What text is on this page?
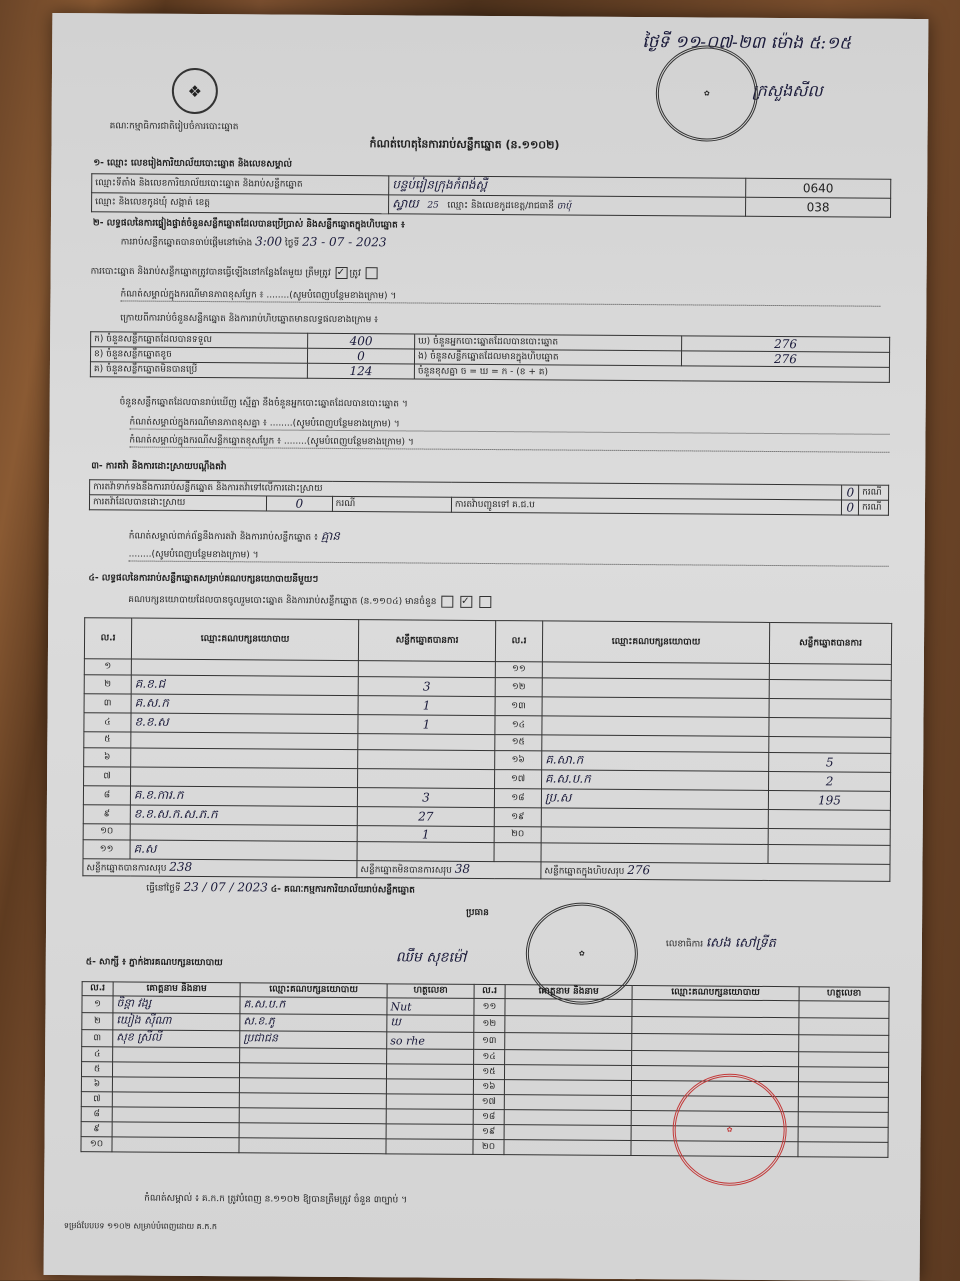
ថ្ងៃទី ១១-០៧-២៣ ម៉ោង ៥:១៥
ក្រសួងសីល
✿
❖
គណៈកម្មាធិការជាតិរៀបចំការបោះឆ្នោត
កំណត់ហេតុនៃការរាប់សន្លឹកឆ្នោត (ន.១១០២)
១- ឈ្មោះ លេខរៀងការិយាល័យបោះឆ្នោត និងលេខសម្គាល់
ឈ្មោះទីតាំង និងលេខការិយាល័យបោះឆ្នោត និងរាប់សន្លឹកឆ្នោត	បន្ទប់រៀនក្រុងកំពង់ស្ពឺ	0640
ឈ្មោះ និងលេខកូដឃុំ សង្កាត់ ខេត្ត	ស្វាយ 25 ឈ្មោះ និងលេខកូដខេត្ត/រាជធានី ចាប៉ុ	038
២- លទ្ធផលនៃការផ្ទៀងផ្ទាត់ចំនួនសន្លឹកឆ្នោតដែលបានប្រើប្រាស់ និងសន្លឹកឆ្នោតក្នុងហិបឆ្នោត ៖
ការរាប់សន្លឹកឆ្នោតបានចាប់ផ្តើមនៅម៉ោង 3:00 ថ្ងៃទី 23 - 07 - 2023
ការបោះឆ្នោត និងរាប់សន្លឹកឆ្នោតត្រូវបានធ្វើឡើងនៅកន្លែងតែមួយ ត្រឹមត្រូវ ✓ ត្រូវ
កំណត់សម្គាល់ក្នុងករណីមានភាពខុសប្លែក ៖ ........(សូមបំពេញបន្ថែមខាងក្រោម) ។
ក្រោយពីការរាប់ចំនួនសន្លឹកឆ្នោត និងការរាប់ហិបឆ្នោតមានលទ្ធផលខាងក្រោម ៖
ក) ចំនួនសន្លឹកឆ្នោតដែលបានទទួល	400	ឃ) ចំនួនអ្នកបោះឆ្នោតដែលបានបោះឆ្នោត	276
ខ) ចំនួនសន្លឹកឆ្នោតខូច	0	ង) ចំនួនសន្លឹកឆ្នោតដែលមានក្នុងហិបឆ្នោត	276
គ) ចំនួនសន្លឹកឆ្នោតមិនបានប្រើ	124	ចំនួនខុសគ្នា ច = ឃ = ក - (ខ + គ)	
ចំនួនសន្លឹកឆ្នោតដែលបានរាប់ឃើញ ស្មើគ្នា នឹងចំនួនអ្នកបោះឆ្នោតដែលបានបោះឆ្នោត ។
កំណត់សម្គាល់ក្នុងករណីមានភាពខុសគ្នា ៖ ........(សូមបំពេញបន្ថែមខាងក្រោម) ។
កំណត់សម្គាល់ក្នុងករណីសន្លឹកឆ្នោតខុសប្លែក ៖ ........(សូមបំពេញបន្ថែមខាងក្រោម) ។
៣- ការតវ៉ា និងការដោះស្រាយបណ្តឹងតវ៉ា
ការតវ៉ាទាក់ទងនឹងការរាប់សន្លឹកឆ្នោត និងការតវ៉ាទៅលើការដោះស្រាយ				0	ករណី
ការតវ៉ាដែលបានដោះស្រាយ	0	ករណី	ការតវ៉ាបញ្ជូនទៅ គ.ជ.ប	0	ករណី
កំណត់សម្គាល់ពាក់ព័ន្ធនឹងការតវ៉ា និងការរាប់សន្លឹកឆ្នោត ៖ គ្មាន
........(សូមបំពេញបន្ថែមខាងក្រោម) ។
៤- លទ្ធផលនៃការរាប់សន្លឹកឆ្នោតសម្រាប់គណបក្សនយោបាយនីមួយៗ
គណបក្សនយោបាយដែលបានចូលរួមបោះឆ្នោត និងការរាប់សន្លឹកឆ្នោត (ន.១១០៤) មានចំនួន  ✓
ល.រ	ឈ្មោះគណបក្សនយោបាយ	សន្លឹកឆ្នោតបានការ	ល.រ	ឈ្មោះគណបក្សនយោបាយ	សន្លឹកឆ្នោតបានការ
១			១១		
២	គ.ខ.ជ	3	១២		
៣	គ.ស.ក	1	១៣		
៤	ខ.ខ.ស	1	១៤		
៥			១៥		
៦			១៦	គ.សា.ក	5
៧			១៧	គ.ស.ប.ក	2
៨	គ.ខ.ការ.ក	3	១៨	ប្រ.ស	195
៩	ខ.ខ.ស.ក.ស.ភ.ក	27	១៩		
១០		1	២០		
១១	គ.ស				
សន្លឹកឆ្នោតបានការសរុប 238		សន្លឹកឆ្នោតមិនបានការសរុប 38		សន្លឹកឆ្នោតក្នុងហិបសរុប 276	
ធ្វើនៅថ្ងៃទី 23 / 07 / 2023 ៤- គណៈកម្មការការិយាល័យរាប់សន្លឹកឆ្នោត
ប្រធាន
ឈឹម សុខម៉ៅ	✿
លេខាធិការ សេង សៅទ្រីត
៥- សាក្សី ៖ ភ្នាក់ងារគណបក្សនយោបាយ
ល.រ	គោត្តនាម និងនាម	ឈ្មោះគណបក្សនយោបាយ	ហត្ថលេខា	ល.រ	គោត្តនាម និងនាម	ឈ្មោះគណបក្សនយោបាយ	ហត្ថលេខា
១	ចិន្តា វង្ស	គ.ស.ប.ក	Nut	១១			
២	ឃៀង ស៊ីណា	ស.ខ.ភូ	ឃ	១២			
៣	សុខ ស្រីលី	ប្រជាជន	so rhe	១៣			
៤				១៤			
៥				១៥			
៦				១៦			
៧				១៧			
៨				១៨			
៩				១៩			
១០				២០			
✿
កំណត់សម្គាល់ ៖ គ.ក.ក ត្រូវបំពេញ ន.១១០២ ឱ្យបានត្រឹមត្រូវ ចំនួន ៣ច្បាប់ ។
ទម្រង់បែបបទ ១១០២ សម្រាប់បំពេញដោយ គ.ក.ក
